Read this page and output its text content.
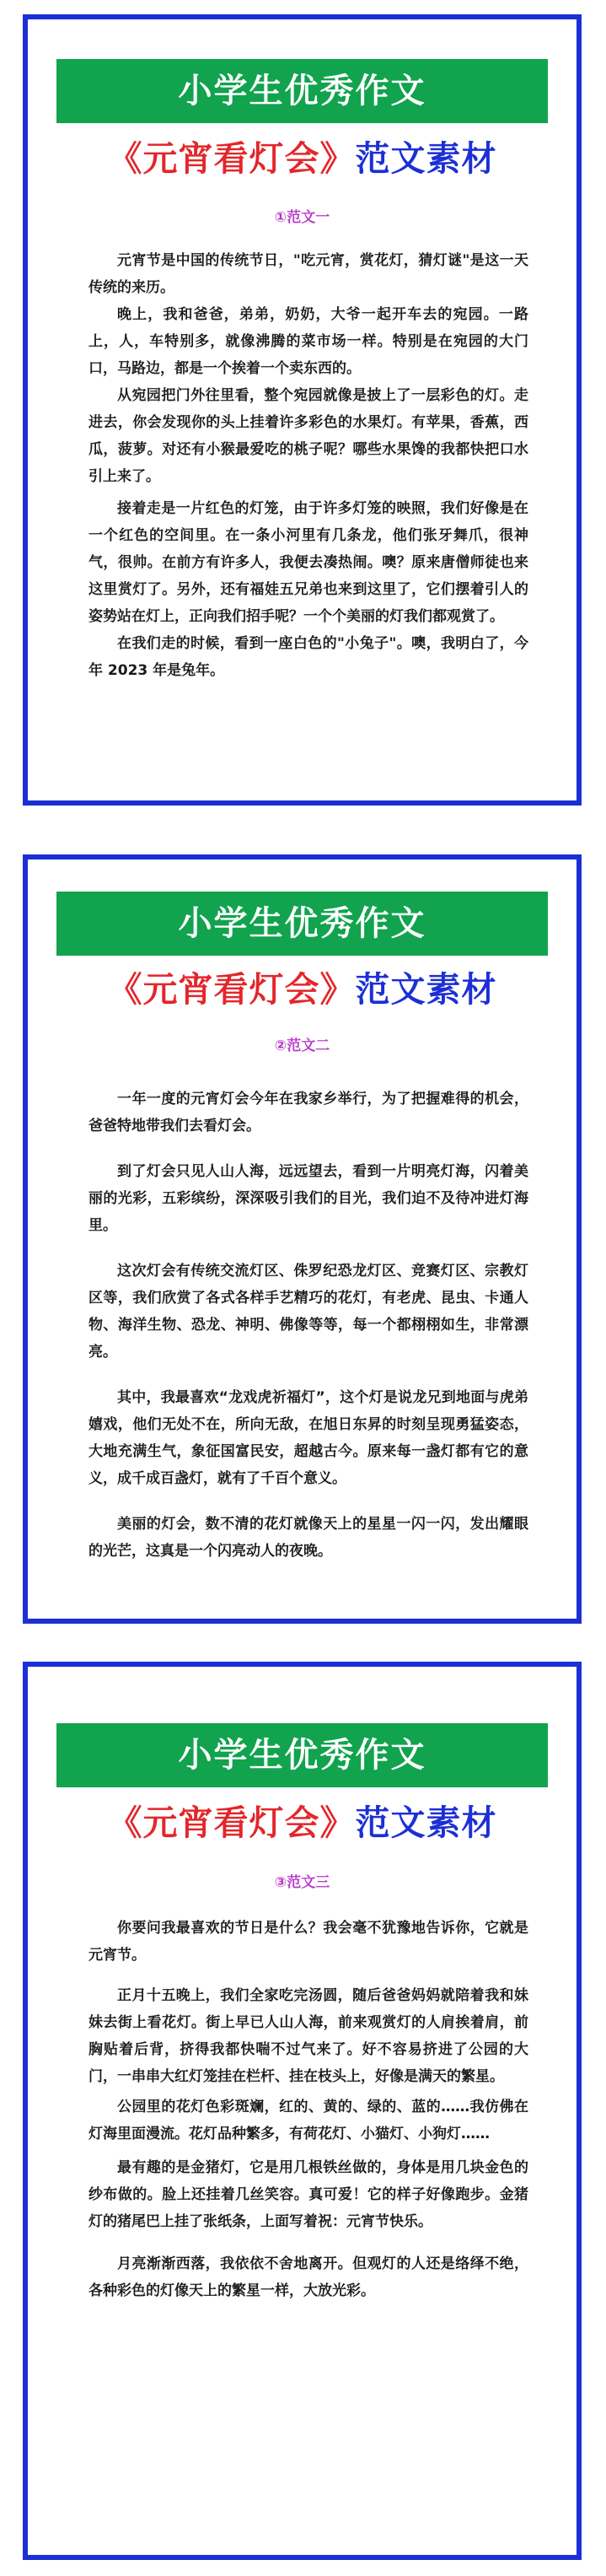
小学生优秀作文
《元宵看灯会》范文素材
①范文一

元宵节是中国的传统节日，"吃元宵，赏花灯，猜灯谜"是这一天传统的来历。

晚上，我和爸爸，弟弟，奶奶，大爷一起开车去的宛园。一路上，人，车特别多，就像沸腾的菜市场一样。特别是在宛园的大门口，马路边，都是一个挨着一个卖东西的。

从宛园把门外往里看，整个宛园就像是披上了一层彩色的灯。走进去，你会发现你的头上挂着许多彩色的水果灯。有苹果，香蕉，西瓜，菠萝。对还有小猴最爱吃的桃子呢？哪些水果馋的我都快把口水引上来了。

接着走是一片红色的灯笼，由于许多灯笼的映照，我们好像是在一个红色的空间里。在一条小河里有几条龙，他们张牙舞爪，很神气，很帅。在前方有许多人，我便去凑热闹。噢？原来唐僧师徒也来这里赏灯了。另外，还有福娃五兄弟也来到这里了，它们摆着引人的姿势站在灯上，正向我们招手呢？一个个美丽的灯我们都观赏了。

在我们走的时候，看到一座白色的"小兔子"。噢，我明白了，今年 2023 年是兔年。

小学生优秀作文
《元宵看灯会》范文素材
②范文二

一年一度的元宵灯会今年在我家乡举行，为了把握难得的机会，爸爸特地带我们去看灯会。

到了灯会只见人山人海，远远望去，看到一片明亮灯海，闪着美丽的光彩，五彩缤纷，深深吸引我们的目光，我们迫不及待冲进灯海里。

这次灯会有传统交流灯区、侏罗纪恐龙灯区、竞赛灯区、宗教灯区等，我们欣赏了各式各样手艺精巧的花灯，有老虎、昆虫、卡通人物、海洋生物、恐龙、神明、佛像等等，每一个都栩栩如生，非常漂亮。

其中，我最喜欢“龙戏虎祈福灯”，这个灯是说龙兄到地面与虎弟嬉戏，他们无处不在，所向无敌，在旭日东昇的时刻呈现勇猛姿态，大地充满生气，象征国富民安，超越古今。原来每一盏灯都有它的意义，成千成百盏灯，就有了千百个意义。

美丽的灯会，数不清的花灯就像天上的星星一闪一闪，发出耀眼的光芒，这真是一个闪亮动人的夜晚。

小学生优秀作文
《元宵看灯会》范文素材
③范文三

你要问我最喜欢的节日是什么？我会毫不犹豫地告诉你，它就是元宵节。

正月十五晚上，我们全家吃完汤圆，随后爸爸妈妈就陪着我和妹妹去街上看花灯。街上早已人山人海，前来观赏灯的人肩挨着肩，前胸贴着后背，挤得我都快喘不过气来了。好不容易挤进了公园的大门，一串串大红灯笼挂在栏杆、挂在枝头上，好像是满天的繁星。

公园里的花灯色彩斑斓，红的、黄的、绿的、蓝的……我仿佛在灯海里面漫流。花灯品种繁多，有荷花灯、小猫灯、小狗灯……

最有趣的是金猪灯，它是用几根铁丝做的，身体是用几块金色的纱布做的。脸上还挂着几丝笑容。真可爱！它的样子好像跑步。金猪灯的猪尾巴上挂了张纸条，上面写着祝：元宵节快乐。

月亮渐渐西落，我依依不舍地离开。但观灯的人还是络绎不绝，各种彩色的灯像天上的繁星一样，大放光彩。
